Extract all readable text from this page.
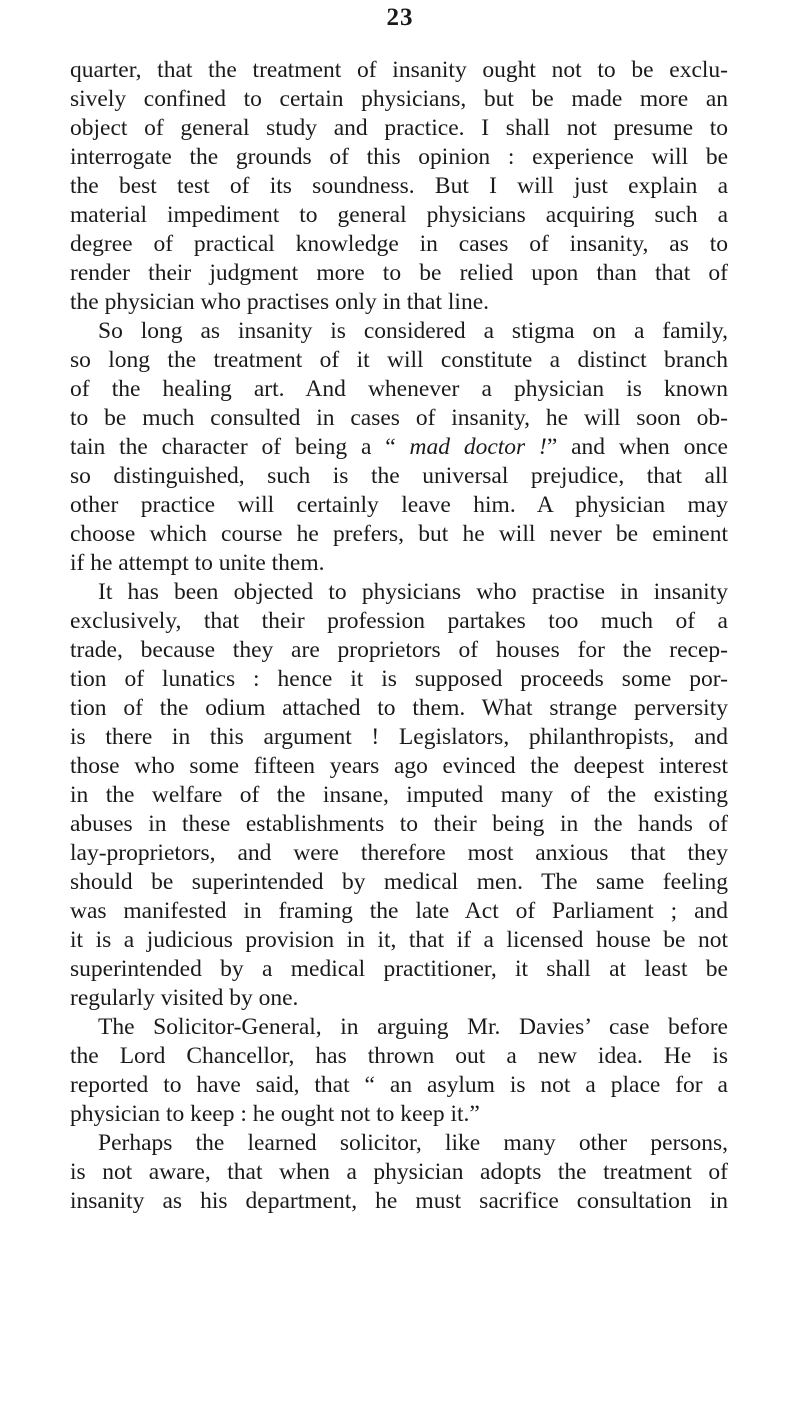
23
quarter, that the treatment of insanity ought not to be exclu-
sively confined to certain physicians, but be made more an
object of general study and practice. I shall not presume to
interrogate the grounds of this opinion : experience will be
the best test of its soundness. But I will just explain a
material impediment to general physicians acquiring such a
degree of practical knowledge in cases of insanity, as to
render their judgment more to be relied upon than that of
the physician who practises only in that line.
So long as insanity is considered a stigma on a family,
so long the treatment of it will constitute a distinct branch
of the healing art. And whenever a physician is known
to be much consulted in cases of insanity, he will soon ob-
tain the character of being a “ mad doctor !” and when once
so distinguished, such is the universal prejudice, that all
other practice will certainly leave him. A physician may
choose which course he prefers, but he will never be eminent
if he attempt to unite them.
It has been objected to physicians who practise in insanity
exclusively, that their profession partakes too much of a
trade, because they are proprietors of houses for the recep-
tion of lunatics : hence it is supposed proceeds some por-
tion of the odium attached to them. What strange perversity
is there in this argument ! Legislators, philanthropists, and
those who some fifteen years ago evinced the deepest interest
in the welfare of the insane, imputed many of the existing
abuses in these establishments to their being in the hands of
lay-proprietors, and were therefore most anxious that they
should be superintended by medical men. The same feeling
was manifested in framing the late Act of Parliament ; and
it is a judicious provision in it, that if a licensed house be not
superintended by a medical practitioner, it shall at least be
regularly visited by one.
The Solicitor-General, in arguing Mr. Davies’ case before
the Lord Chancellor, has thrown out a new idea. He is
reported to have said, that “ an asylum is not a place for a
physician to keep : he ought not to keep it.”
Perhaps the learned solicitor, like many other persons,
is not aware, that when a physician adopts the treatment of
insanity as his department, he must sacrifice consultation in
